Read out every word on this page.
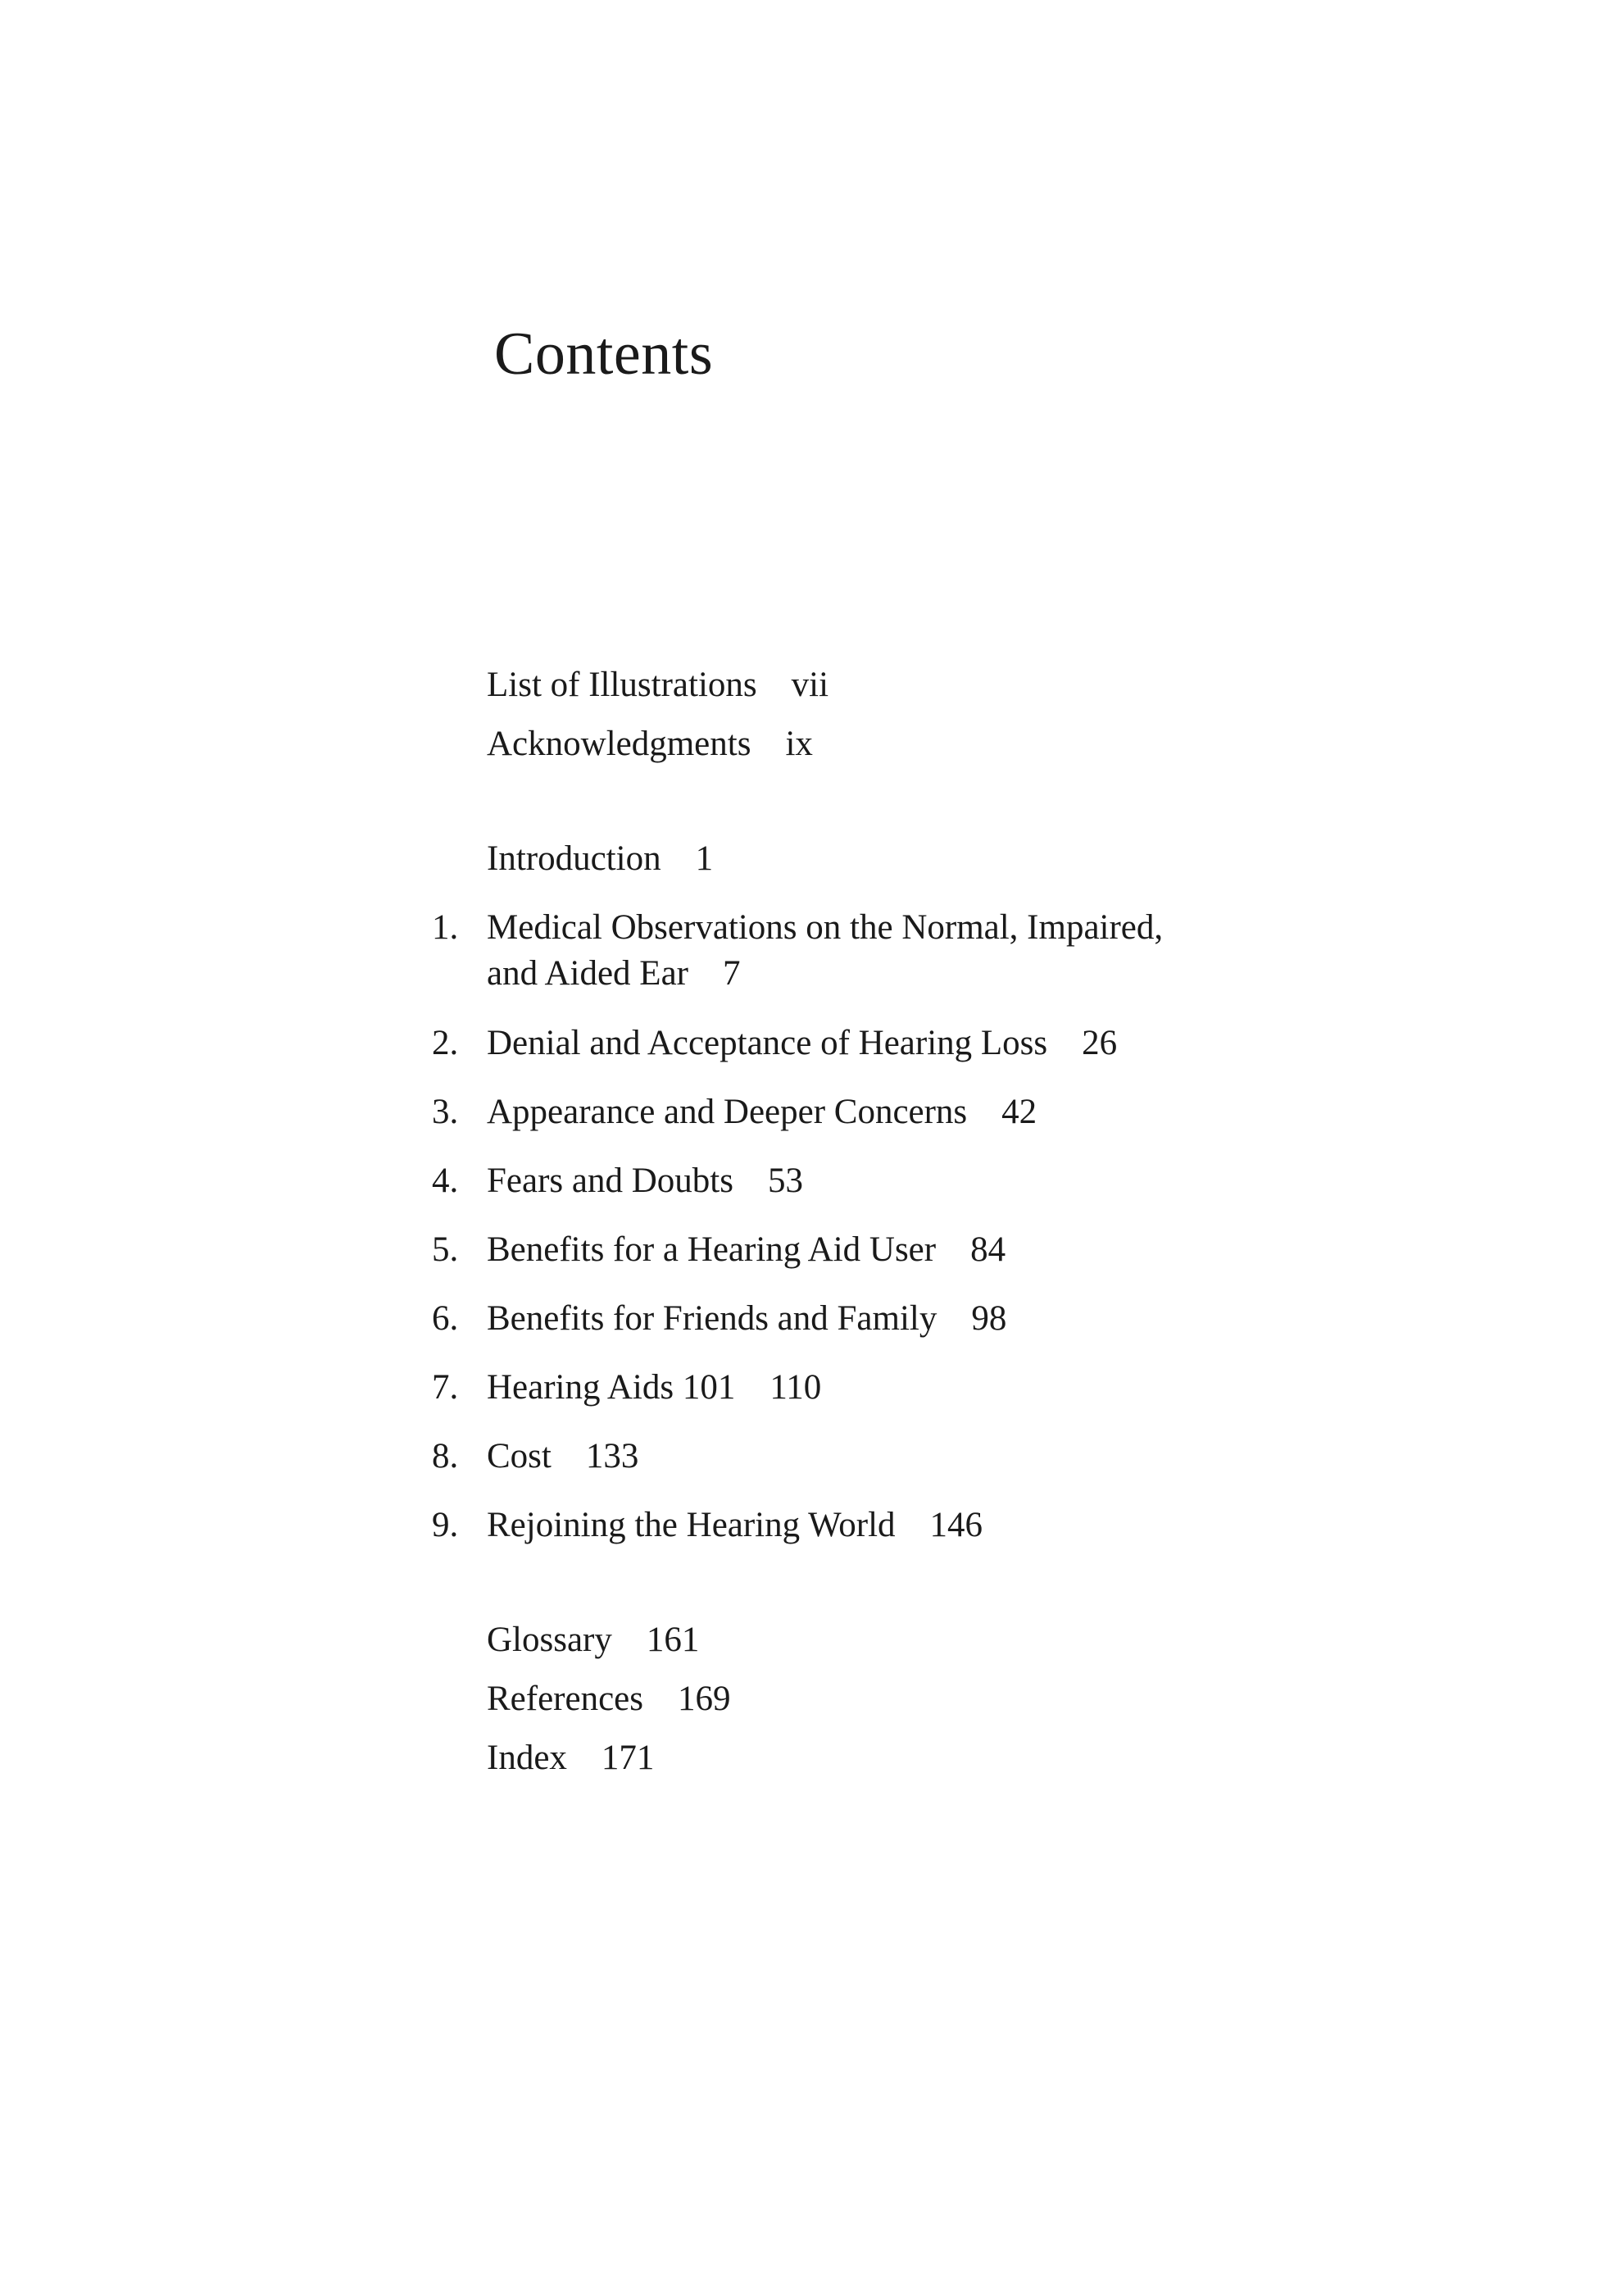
Contents
List of Illustrations vii
Acknowledgments ix
Introduction 1
1. Medical Observations on the Normal, Impaired,
and Aided Ear 7
2. Denial and Acceptance of Hearing Loss 26
3. Appearance and Deeper Concerns 42
4. Fears and Doubts 53
5. Benefits for a Hearing Aid User 84
6. Benefits for Friends and Family 98
7. Hearing Aids 101 110
8. Cost 133
9. Rejoining the Hearing World 146
Glossary 161
References 169
Index 171
